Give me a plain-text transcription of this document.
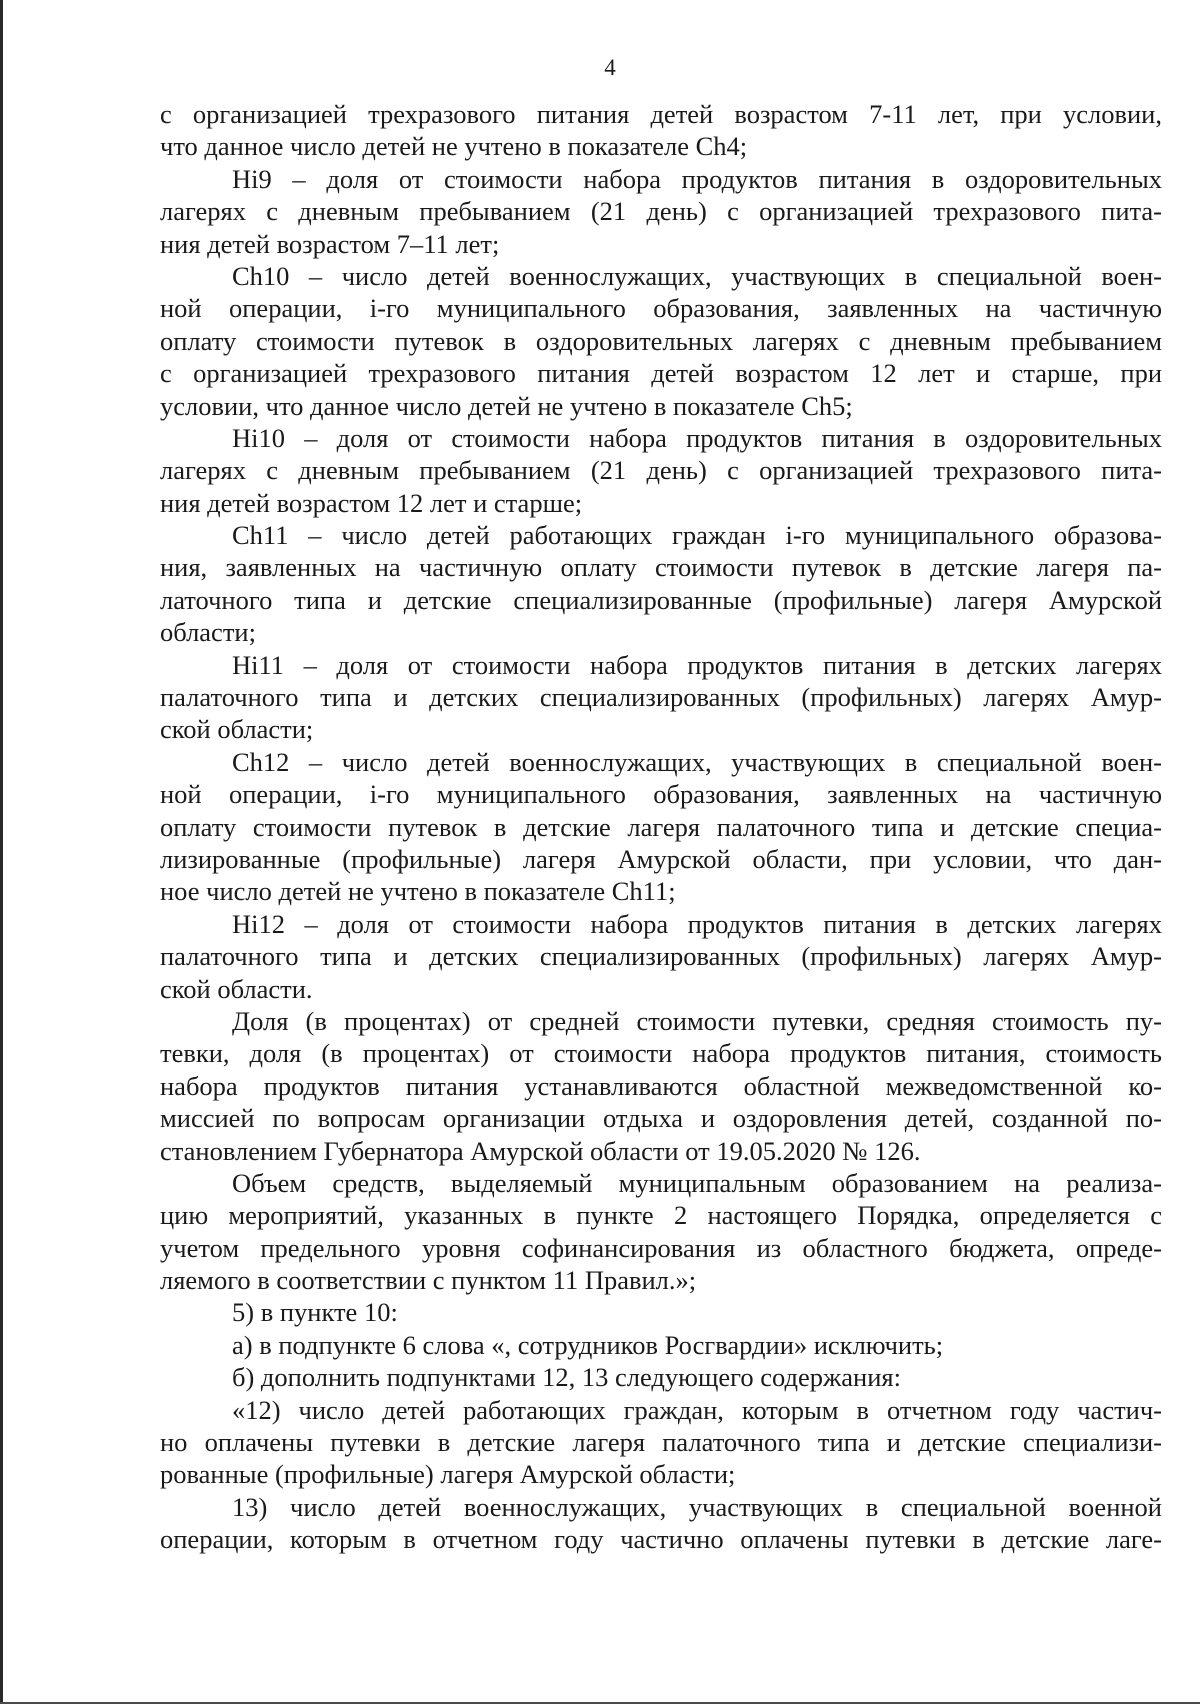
4
с организацией трехразового питания детей возрастом 7-11 лет, при условии,
что данное число детей не учтено в показателе Ch4;
Hi9 – доля от стоимости набора продуктов питания в оздоровительных
лагерях с дневным пребыванием (21 день) с организацией трехразового пита-
ния детей возрастом 7–11 лет;
Ch10 – число детей военнослужащих, участвующих в специальной воен-
ной операции, i-го муниципального образования, заявленных на частичную
оплату стоимости путевок в оздоровительных лагерях с дневным пребыванием
с организацией трехразового питания детей возрастом 12 лет и старше, при
условии, что данное число детей не учтено в показателе Ch5;
Hi10 – доля от стоимости набора продуктов питания в оздоровительных
лагерях с дневным пребыванием (21 день) с организацией трехразового пита-
ния детей возрастом 12 лет и старше;
Ch11 – число детей работающих граждан i-го муниципального образова-
ния, заявленных на частичную оплату стоимости путевок в детские лагеря па-
латочного типа и детские специализированные (профильные) лагеря Амурской
области;
Hi11 – доля от стоимости набора продуктов питания в детских лагерях
палаточного типа и детских специализированных (профильных) лагерях Амур-
ской области;
Ch12 – число детей военнослужащих, участвующих в специальной воен-
ной операции, i-го муниципального образования, заявленных на частичную
оплату стоимости путевок в детские лагеря палаточного типа и детские специа-
лизированные (профильные) лагеря Амурской области, при условии, что дан-
ное число детей не учтено в показателе Ch11;
Hi12 – доля от стоимости набора продуктов питания в детских лагерях
палаточного типа и детских специализированных (профильных) лагерях Амур-
ской области.
Доля (в процентах) от средней стоимости путевки, средняя стоимость пу-
тевки, доля (в процентах) от стоимости набора продуктов питания, стоимость
набора продуктов питания устанавливаются областной межведомственной ко-
миссией по вопросам организации отдыха и оздоровления детей, созданной по-
становлением Губернатора Амурской области от 19.05.2020 № 126.
Объем средств, выделяемый муниципальным образованием на реализа-
цию мероприятий, указанных в пункте 2 настоящего Порядка, определяется с
учетом предельного уровня софинансирования из областного бюджета, опреде-
ляемого в соответствии с пунктом 11 Правил.»;
5) в пункте 10:
а) в подпункте 6 слова «, сотрудников Росгвардии» исключить;
б) дополнить подпунктами 12, 13 следующего содержания:
«12) число детей работающих граждан, которым в отчетном году частич-
но оплачены путевки в детские лагеря палаточного типа и детские специализи-
рованные (профильные) лагеря Амурской области;
13) число детей военнослужащих, участвующих в специальной военной
операции, которым в отчетном году частично оплачены путевки в детские лаге-
